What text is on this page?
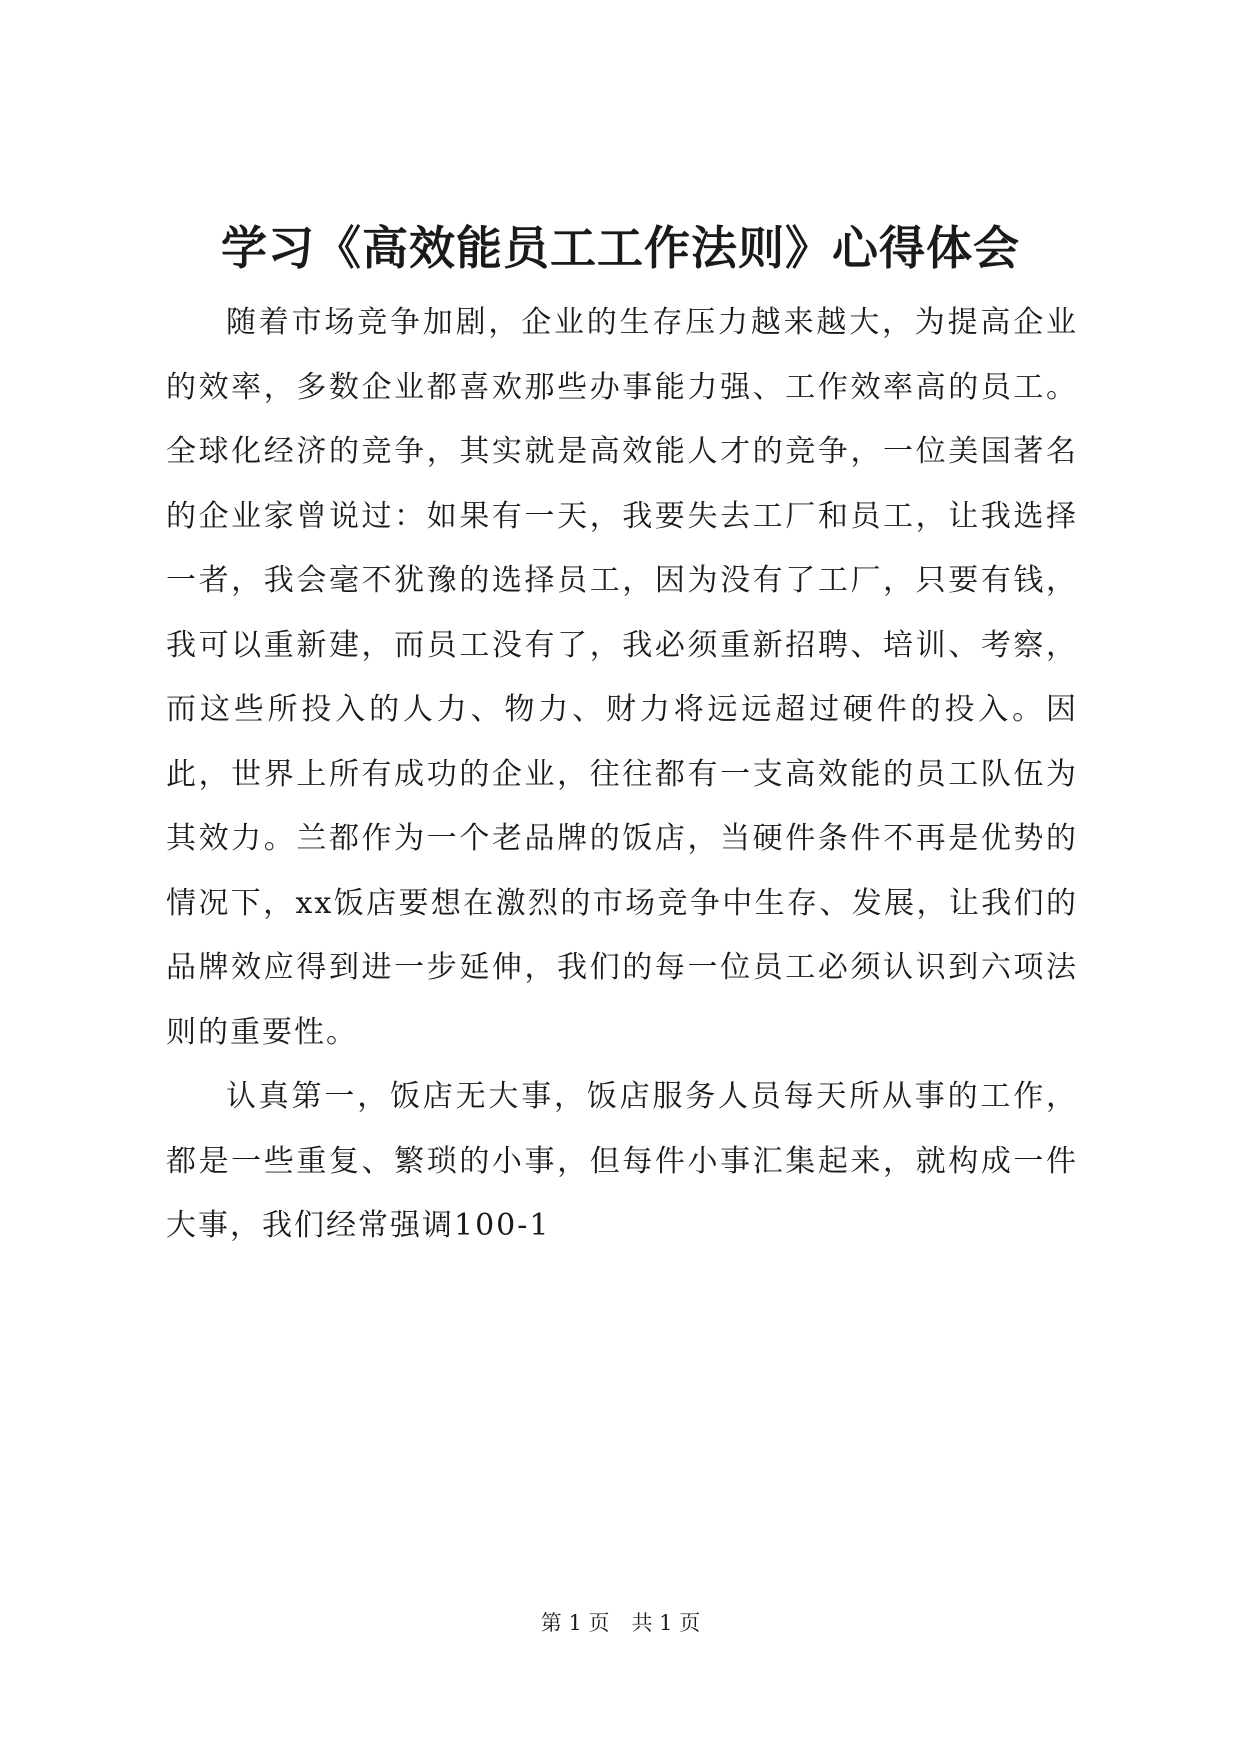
学习《高效能员工工作法则》心得体会

随着市场竞争加剧，企业的生存压力越来越大，为提高企业的效率，多数企业都喜欢那些办事能力强、工作效率高的员工。全球化经济的竞争，其实就是高效能人才的竞争，一位美国著名的企业家曾说过：如果有一天，我要失去工厂和员工，让我选择一者，我会毫不犹豫的选择员工，因为没有了工厂，只要有钱，我可以重新建，而员工没有了，我必须重新招聘、培训、考察，而这些所投入的人力、物力、财力将远远超过硬件的投入。因此，世界上所有成功的企业，往往都有一支高效能的员工队伍为其效力。兰都作为一个老品牌的饭店，当硬件条件不再是优势的情况下，xx饭店要想在激烈的市场竞争中生存、发展，让我们的品牌效应得到进一步延伸，我们的每一位员工必须认识到六项法则的重要性。

认真第一，饭店无大事，饭店服务人员每天所从事的工作，都是一些重复、繁琐的小事，但每件小事汇集起来，就构成一件大事，我们经常强调100-1

第 1 页 共 1 页
